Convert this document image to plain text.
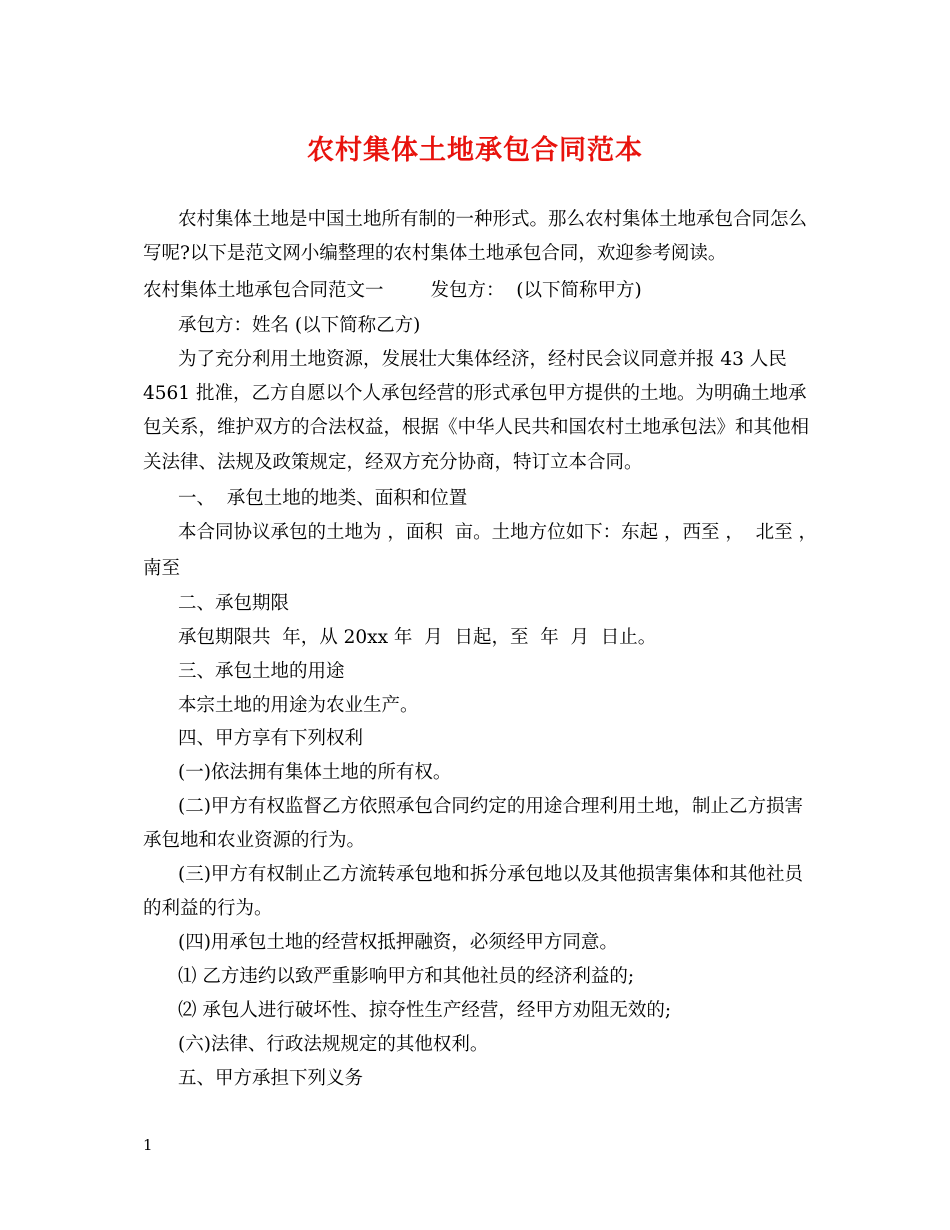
农村集体土地承包合同范本
农村集体土地是中国土地所有制的一种形式。那么农村集体土地承包合同怎么
写呢?以下是范文网小编整理的农村集体土地承包合同，欢迎参考阅读。
农村集体土地承包合同范文一        发包方：  (以下简称甲方)
承包方：姓名 (以下简称乙方)
为了充分利用土地资源，发展壮大集体经济，经村民会议同意并报 43 人民
4561 批准，乙方自愿以个人承包经营的形式承包甲方提供的土地。为明确土地承
包关系，维护双方的合法权益，根据《中华人民共和国农村土地承包法》和其他相
关法律、法规及政策规定，经双方充分协商，特订立本合同。
一、  承包土地的地类、面积和位置
本合同协议承包的土地为 ，面积  亩。土地方位如下：东起 ，西至 ，  北至 ，
南至
二、承包期限
承包期限共  年，从 20xx 年  月  日起，至  年  月  日止。
三、承包土地的用途
本宗土地的用途为农业生产。
四、甲方享有下列权利
(一)依法拥有集体土地的所有权。
(二)甲方有权监督乙方依照承包合同约定的用途合理利用土地，制止乙方损害
承包地和农业资源的行为。
(三)甲方有权制止乙方流转承包地和拆分承包地以及其他损害集体和其他社员
的利益的行为。
(四)用承包土地的经营权抵押融资，必须经甲方同意。
⑴ 乙方违约以致严重影响甲方和其他社员的经济利益的;
⑵ 承包人进行破坏性、掠夺性生产经营，经甲方劝阻无效的;
(六)法律、行政法规规定的其他权利。
五、甲方承担下列义务
1
